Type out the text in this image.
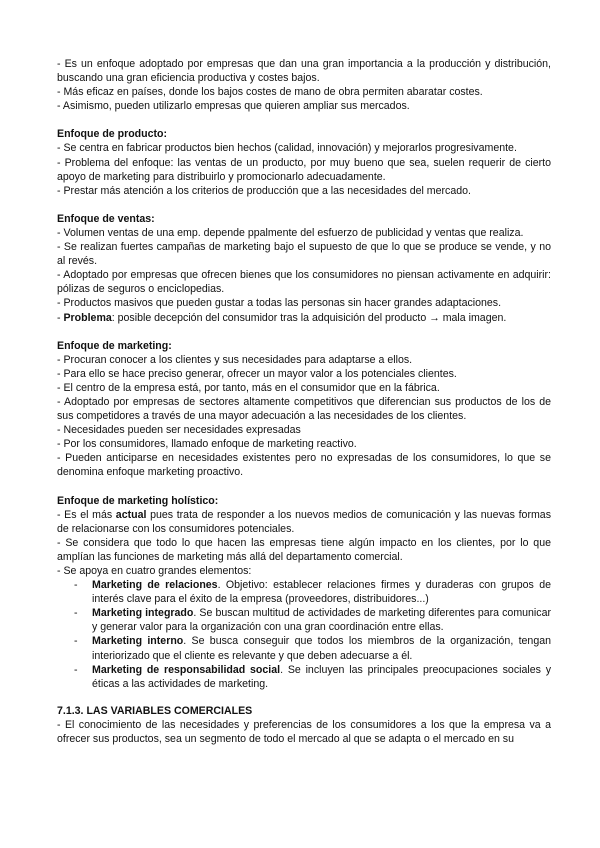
- Es un enfoque adoptado por empresas que dan una gran importancia a la producción y distribución, buscando una gran eficiencia productiva y costes bajos.

- Más eficaz en países, donde los bajos costes de mano de obra permiten abaratar costes.

- Asimismo, pueden utilizarlo empresas que quieren ampliar sus mercados.

Enfoque de producto:

- Se centra en fabricar productos bien hechos (calidad, innovación) y mejorarlos progresivamente.

- Problema del enfoque: las ventas de un producto, por muy bueno que sea, suelen requerir de cierto apoyo de marketing para distribuirlo y promocionarlo adecuadamente.

- Prestar más atención a los criterios de producción que a las necesidades del mercado.

Enfoque de ventas:

- Volumen ventas de una emp. depende ppalmente del esfuerzo de publicidad y ventas que realiza.

- Se realizan fuertes campañas de marketing bajo el supuesto de que lo que se produce se vende, y no al revés.

- Adoptado por empresas que ofrecen bienes que los consumidores no piensan activamente en adquirir: pólizas de seguros o enciclopedias.

- Productos masivos que pueden gustar a todas las personas sin hacer grandes adaptaciones.

- Problema: posible decepción del consumidor tras la adquisición del producto → mala imagen.

Enfoque de marketing:

- Procuran conocer a los clientes y sus necesidades para adaptarse a ellos.

- Para ello se hace preciso generar, ofrecer un mayor valor a los potenciales clientes.

- El centro de la empresa está, por tanto, más en el consumidor que en la fábrica.

- Adoptado por empresas de sectores altamente competitivos que diferencian sus productos de los de sus competidores a través de una mayor adecuación a las necesidades de los clientes.

- Necesidades pueden ser necesidades expresadas

- Por los consumidores, llamado enfoque de marketing reactivo.

- Pueden anticiparse en necesidades existentes pero no expresadas de los consumidores, lo que se denomina enfoque marketing proactivo.

Enfoque de marketing holístico:

- Es el más actual pues trata de responder a los nuevos medios de comunicación y las nuevas formas de relacionarse con los consumidores potenciales.

- Se considera que todo lo que hacen las empresas tiene algún impacto en los clientes, por lo que amplían las funciones de marketing más allá del departamento comercial.

- Se apoya en cuatro grandes elementos:

- Marketing de relaciones. Objetivo: establecer relaciones firmes y duraderas con grupos de interés clave para el éxito de la empresa (proveedores, distribuidores...)
- Marketing integrado. Se buscan multitud de actividades de marketing diferentes para comunicar y generar valor para la organización con una gran coordinación entre ellas.
- Marketing interno. Se busca conseguir que todos los miembros de la organización, tengan interiorizado que el cliente es relevante y que deben adecuarse a él.
- Marketing de responsabilidad social. Se incluyen las principales preocupaciones sociales y éticas a las actividades de marketing.

7.1.3. LAS VARIABLES COMERCIALES

- El conocimiento de las necesidades y preferencias de los consumidores a los que la empresa va a ofrecer sus productos, sea un segmento de todo el mercado al que se adapta o el mercado en su
